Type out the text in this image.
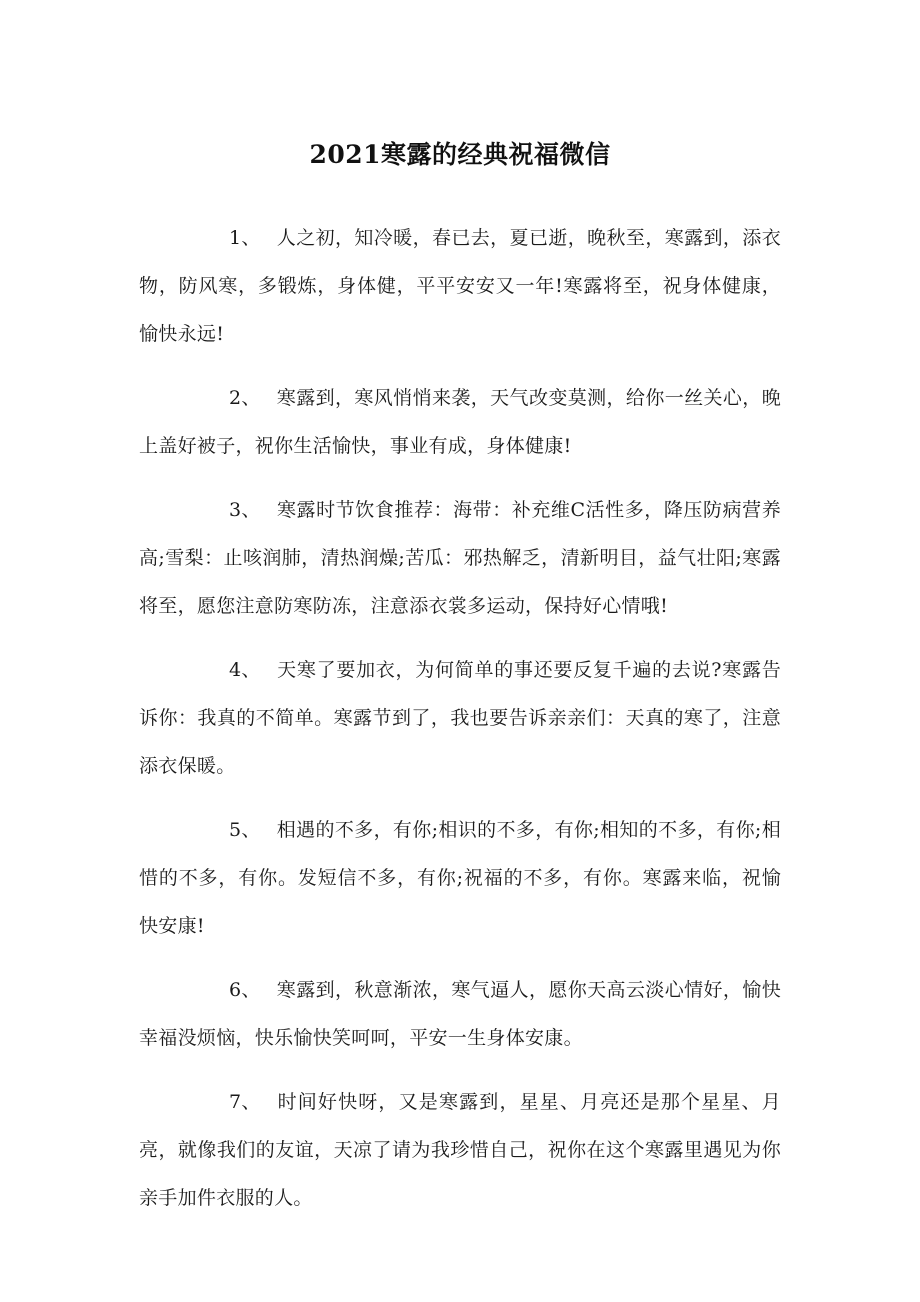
2021寒露的经典祝福微信

1、 人之初，知冷暖，春已去，夏已逝，晚秋至，寒露到，添衣物，防风寒，多锻炼，身体健，平平安安又一年!寒露将至，祝身体健康，愉快永远!

2、 寒露到，寒风悄悄来袭，天气改变莫测，给你一丝关心，晚上盖好被子，祝你生活愉快，事业有成，身体健康!

3、 寒露时节饮食推荐：海带：补充维C活性多，降压防病营养高;雪梨：止咳润肺，清热润燥;苦瓜：邪热解乏，清新明目，益气壮阳;寒露将至，愿您注意防寒防冻，注意添衣裳多运动，保持好心情哦!

4、 天寒了要加衣，为何简单的事还要反复千遍的去说?寒露告诉你：我真的不简单。寒露节到了，我也要告诉亲亲们：天真的寒了，注意添衣保暖。

5、 相遇的不多，有你;相识的不多，有你;相知的不多，有你;相惜的不多，有你。发短信不多，有你;祝福的不多，有你。寒露来临，祝愉快安康!

6、 寒露到，秋意渐浓，寒气逼人，愿你天高云淡心情好，愉快幸福没烦恼，快乐愉快笑呵呵，平安一生身体安康。

7、 时间好快呀，又是寒露到，星星、月亮还是那个星星、月亮，就像我们的友谊，天凉了请为我珍惜自己，祝你在这个寒露里遇见为你亲手加件衣服的人。
